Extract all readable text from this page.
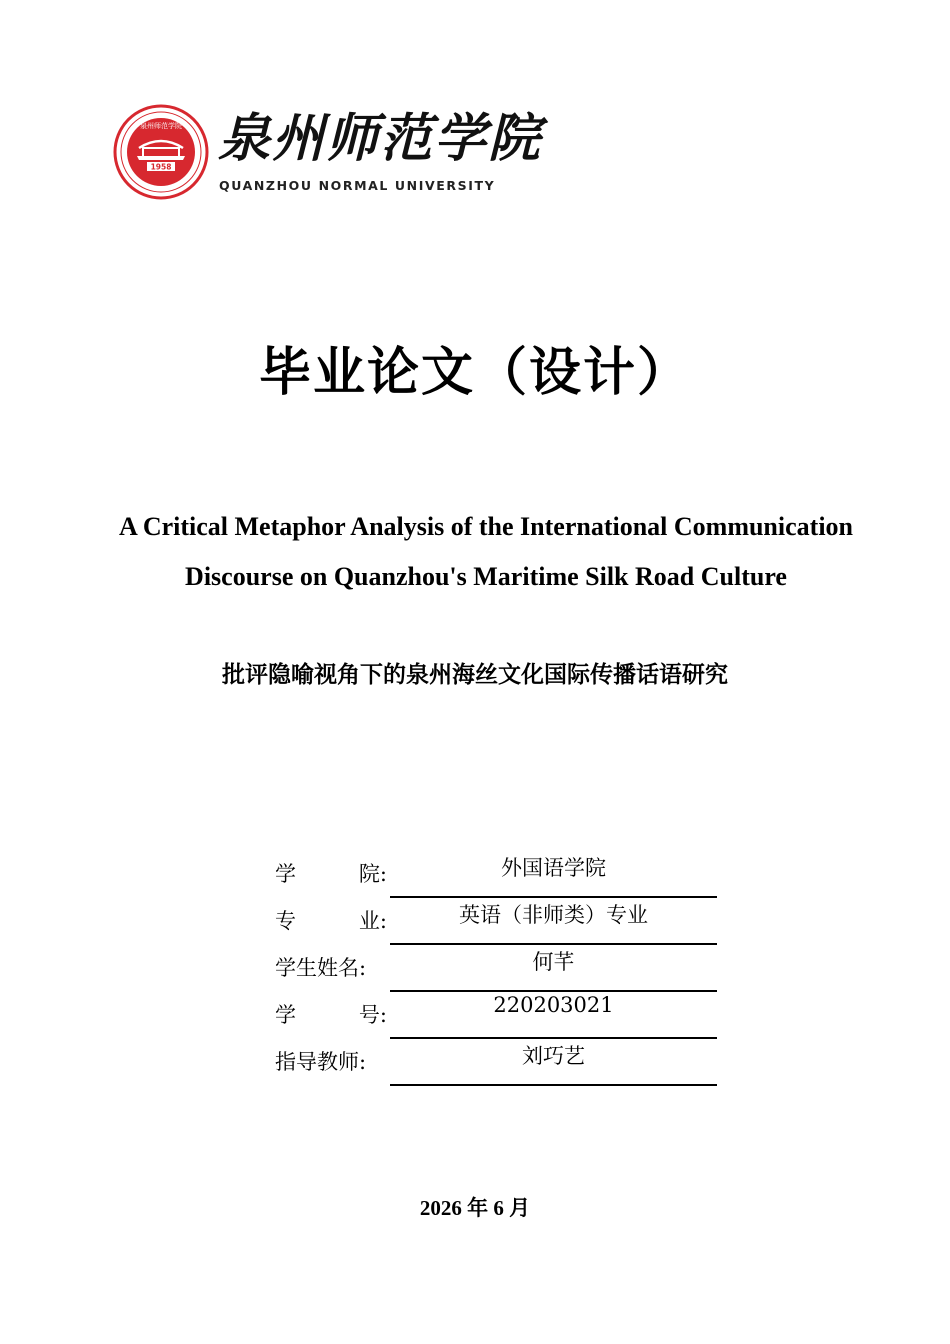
1958
泉州师范学院 泉州师范学院
QUANZHOU NORMAL UNIVERSITY
毕业论文（设计）
A Critical Metaphor Analysis of the International Communication Discourse on Quanzhou's Maritime Silk Road Culture
批评隐喻视角下的泉州海丝文化国际传播话语研究
学	院:	外国语学院
专	业:	英语（非师类）专业
学生姓名:	何芊
学	号:	220203021
指导教师:	刘巧艺
2026 年 6 月
